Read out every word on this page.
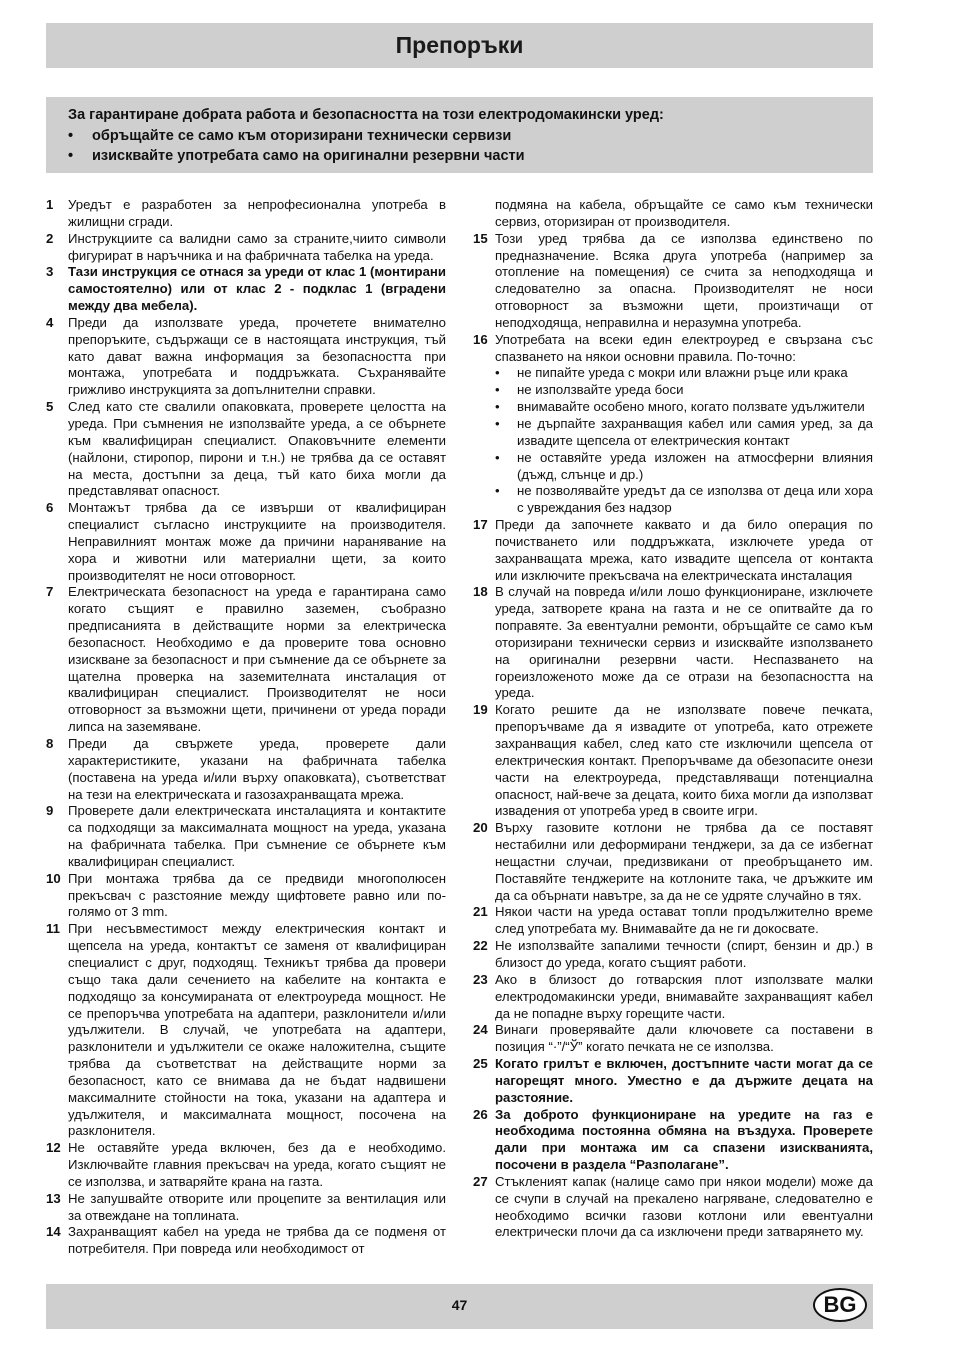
Препоръки
За гарантиране добрата работа и безопасността на този електродомакински уред:
•	обръщайте се само към оторизирани технически сервизи
•	изисквайте употребата само на оригинални резервни части
1	Уредът е разработен за непрофесионална употреба в жилищни сгради.
2	Инструкциите са валидни само за страните,чиито символи фигурират в наръчника и на фабричната табелка на уреда.
3	Тази инструкция се отнася за уреди от клас 1 (монтирани самостоятелно) или от клас 2 - подклас 1 (вградени между два мебела).
4	Преди да използвате уреда, прочетете внимателно препоръките, съдържащи се в настоящата инструкция, тъй като дават важна информация за безопасността при монтажа, употребата и поддръжката. Съхранявайте грижливо инструкцията за допълнителни справки.
5	След като сте свалили опаковката, проверете целостта на уреда. При съмнения не използвайте уреда, а се обърнете към квалифициран специалист. Опаковъчните елементи (найлони, стиропор, пирони и т.н.) не трябва да се оставят на места, достъпни за деца, тъй като биха могли да представляват опасност.
6	Монтажът трябва да се извърши от квалифициран специалист съгласно инструкциите на производителя. Неправилният монтаж може да причини наранявание на хора и животни или материални щети, за които производителят не носи отговорност.
7	Електрическата безопасност на уреда е гарантирана само когато същият е правилно заземен, съобразно предписанията в действащите норми за електрическа безопасност. Необходимо е да проверите това основно изискване за безопасност и при съмнение да се обърнете за щателна проверка на заземителната инсталация от квалифициран специалист. Производителят не носи отговорност за възможни щети, причинени от уреда поради липса на заземяване.
8	Преди да свържете уреда, проверете дали характеристиките, указани на фабричната табелка (поставена на уреда и/или върху опаковката), съответстват на тези на електрическата и газозахранващата мрежа.
9	Проверете дали електрическата инсталацията и контактите са подходящи за максималната мощност на уреда, указана на фабричната табелка. При съмнение се обърнете към квалифициран специалист.
10 При монтажа трябва да се предвиди многополюсен прекъсвач с разстояние между щифтовете равно или по-голямо от 3 mm.
11 При несъвместимост между електрическия контакт и щепсела на уреда, контактът се заменя от квалифициран специалист с друг, подходящ. Техникът трябва да провери също така дали сечението на кабелите на контакта е подходящо за консумираната от електроуреда мощност. Не се препоръчва употребата на адаптери, разклонители и/или удължители. В случай, че употребата на адаптери, разклонители и удължители се окаже наложителна, същите трябва да съответстват на действащите норми за безопасност, като се внимава да не бъдат надвишени максималните стойности на тока, указани на адаптера и удължителя, и максималната мощност, посочена на разклонителя.
12 Не оставяйте уреда включен, без да е необходимо. Изключвайте главния прекъсвач на уреда, когато същият не се използва, и затваряйте крана на газта.
13 Не запушвайте отворите или процепите за вентилация или за отвеждане на топлината.
14 Захранващият кабел на уреда не трябва да се подменя от потребителя. При повреда или необходимост от
подмяна на кабела, обръщайте се само към технически сервиз, оторизиран от производителя.
15 Този уред трябва да се използва единствено по предназначение. Всяка друга употреба (например за отопление на помещения) се счита за неподходяща и следователно за опасна. Производителят не носи отговорност за възможни щети, произтичащи от неподходяща, неправилна и неразумна употреба.
16 Употребата на всеки един електроуред е свързана със спазването на някои основни правила. По-точно:
•	не пипайте уреда с мокри или влажни ръце или крака
•	не използвайте уреда боси
•	внимавайте особено много, когато ползвате удължители
•	не дърпайте захранващия кабел или самия уред, за да извадите щепсела от електрическия контакт
•	не оставяйте уреда изложен на атмосферни влияния (дъжд, слънце и др.)
•	не позволявайте уредът да се използва от деца или хора с увреждания без надзор
17 Преди да започнете каквато и да било операция по почистването или поддръжката, изключете уреда от захранващата мрежа, като извадите щепсела от контакта или изключите прекъсвача на електрическата инсталация
18 В случай на повреда и/или лошо функциониране, изключете уреда, затворете крана на газта и не се опитвайте да го поправяте. За евентуални ремонти, обръщайте се само към оторизирани технически сервиз и изисквайте използването на оригинални резервни части. Неспазването на гореизложеното може да се отрази на безопасността на уреда.
19 Когато решите да не използвате повече печката, препоръчваме да я извадите от употреба, като отрежете захранващия кабел, след като сте изключили щепсела от електрическия контакт. Препоръчваме да обезопасите онези части на електроуреда, представляващи потенциална опасност, най-вече за децата, които биха могли да използват извадения от употреба уред в своите игри.
20 Върху газовите котлони не трябва да се поставят нестабилни или деформирани тенджери, за да се избегнат нещастни случаи, предизвикани от преобръщането им. Поставяйте тенджерите на котлоните така, че дръжките им да са обърнати навътре, за да не се удряте случайно в тях.
21 Някои части на уреда остават топли продължително време след употребата му. Внимавайте да не ги докосвате.
22 Не използвайте запалими течности (спирт, бензин и др.) в близост до уреда, когато същият работи.
23 Ако в близост до готварския плот използвате малки електродомакински уреди, внимавайте захранващият кабел да не попадне върху горещите части.
24 Винаги проверявайте дали ключовете са поставени в позиция “·”/“Ў” когато печката не се използва.
25 Когато грилът е включен, достъпните части могат да се нагорещят много. Уместно е да държите децата на разстояние.
26 За доброто функциониране на уредите на газ е необходима постоянна обмяна на въздуха. Проверете дали при монтажа им са спазени изискванията, посочени в раздела “Разполагане”.
27 Стъкленият капак (налице само при някои модели) може да се счупи в случай на прекалено нагряване, следователно е необходимо всички газови котлони или евентуални електрически плочи да са изключени преди затварянето му.
47	BG
